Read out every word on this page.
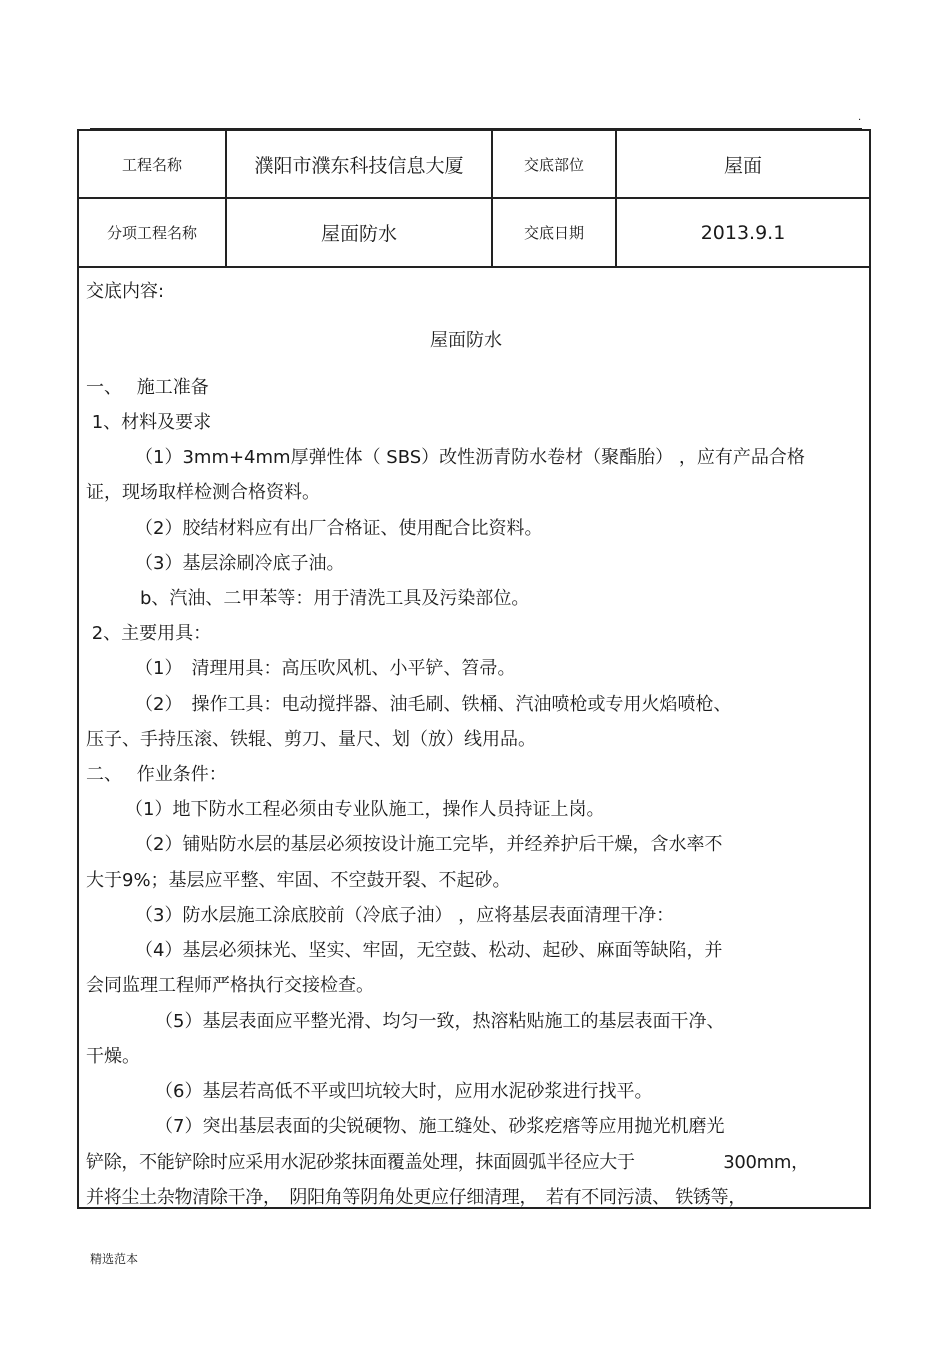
.
工程名称	濮阳市濮东科技信息大厦	交底部位	屋面
分项工程名称	屋面防水	交底日期	2013.9.1
交底内容:
屋面防水
一、　 施工准备
1、材料及要求
（1）3mm+4mm厚弹性体（ SBS）改性沥青防水卷材（聚酯胎） ，应有产品合格
证，现场取样检测合格资料。
（2）胶结材料应有出厂合格证、使用配合比资料。
（3）基层涂刷冷底子油。
b、汽油、二甲苯等：用于清洗工具及污染部位。
2、主要用具：
（1）　清理用具：高压吹风机、小平铲、笤帚。
（2）　操作工具：电动搅拌器、油毛刷、铁桶、汽油喷枪或专用火焰喷枪、
压子、手持压滚、铁辊、剪刀、量尺、划（放）线用品。
二、　 作业条件：
（1）地下防水工程必须由专业队施工，操作人员持证上岗。
（2）铺贴防水层的基层必须按设计施工完毕，并经养护后干燥，含水率不
大于9%；基层应平整、牢固、不空鼓开裂、不起砂。
（3）防水层施工涂底胶前（冷底子油） ，应将基层表面清理干净：
（4）基层必须抹光、坚实、牢固，无空鼓、松动、起砂、麻面等缺陷，并
会同监理工程师严格执行交接检查。
（5）基层表面应平整光滑、均匀一致，热溶粘贴施工的基层表面干净、
干燥。
（6）基层若高低不平或凹坑较大时，应用水泥砂浆进行找平。
（7）突出基层表面的尖锐硬物、施工缝处、砂浆疙瘩等应用抛光机磨光
铲除，不能铲除时应采用水泥砂浆抹面覆盖处理，抹面圆弧半径应大于　　　　　300mm，
并将尘土杂物清除干净，　阴阳角等阴角处更应仔细清理，　若有不同污渍、 铁锈等，
精选范本
